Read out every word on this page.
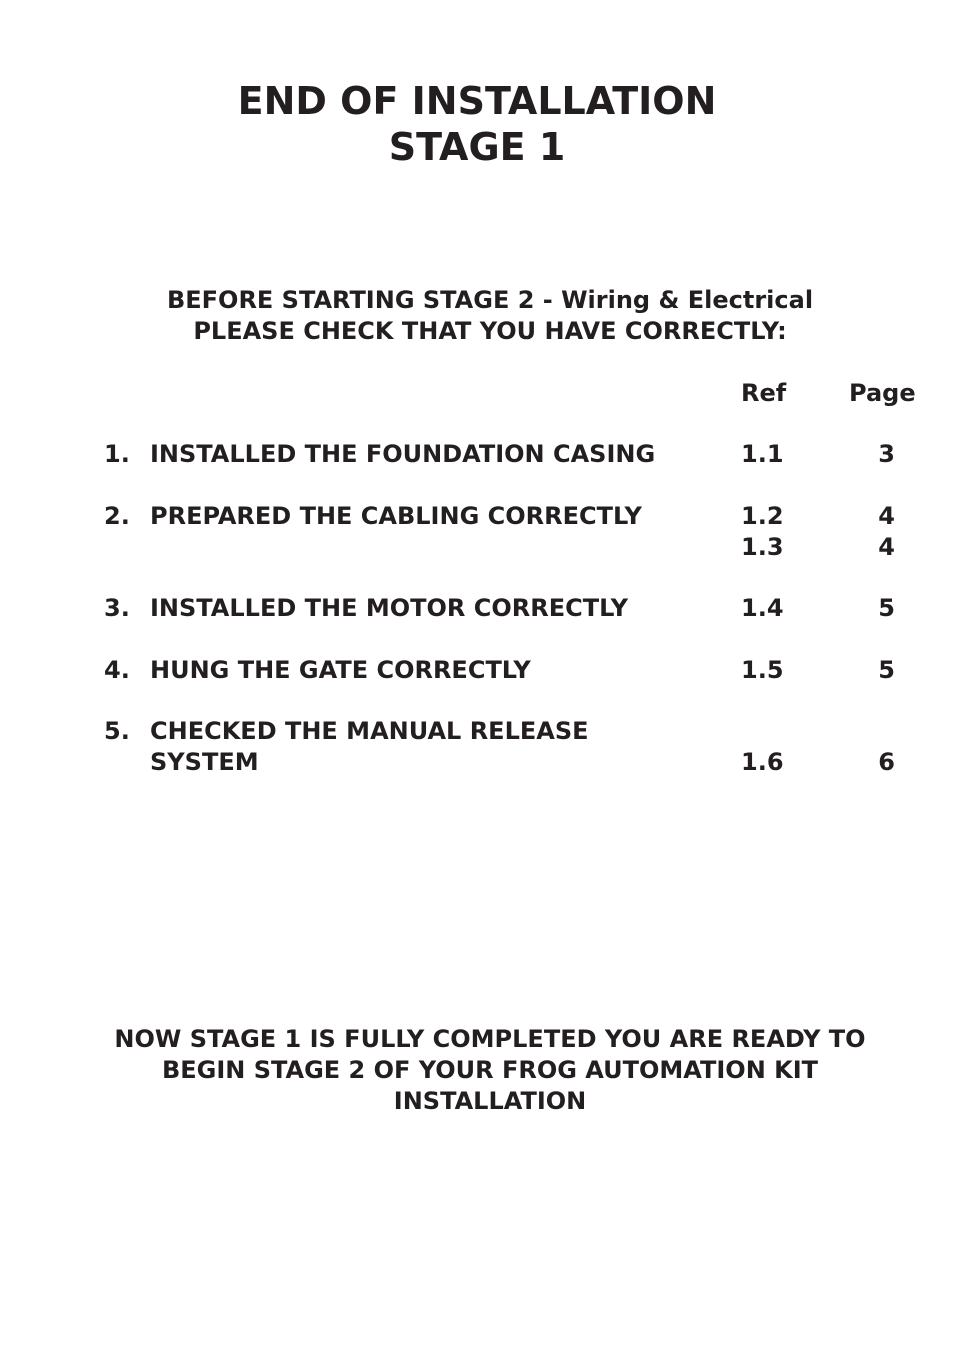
END OF INSTALLATION
STAGE 1

BEFORE STARTING STAGE 2 - Wiring & Electrical

PLEASE CHECK THAT YOU HAVE CORRECTLY:

Ref	Page
1. INSTALLED THE FOUNDATION CASING	1.1	3
2. PREPARED THE CABLING CORRECTLY	1.2	4
1.3	4
3. INSTALLED THE MOTOR CORRECTLY	1.4	5
4. HUNG THE GATE CORRECTLY	1.5	5
5. CHECKED THE MANUAL RELEASE
SYSTEM	1.6	6

NOW STAGE 1 IS FULLY COMPLETED YOU ARE READY TO

BEGIN STAGE 2 OF YOUR FROG AUTOMATION KIT

INSTALLATION
